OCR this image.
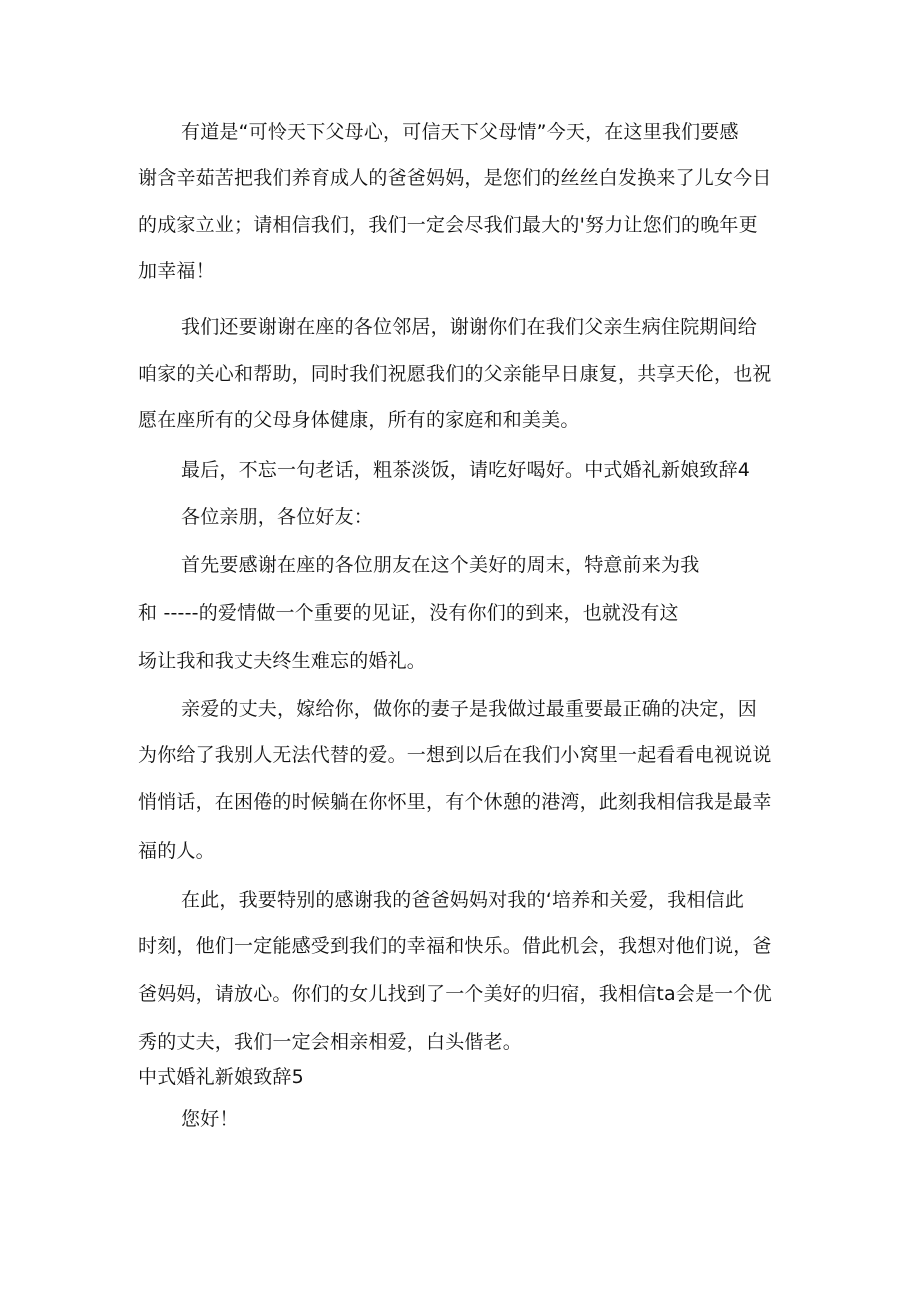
有道是“可怜天下父母心，可信天下父母情”今天，在这里我们要感
谢含辛茹苦把我们养育成人的爸爸妈妈，是您们的丝丝白发换来了儿女今日
的成家立业；请相信我们，我们一定会尽我们最大的'努力让您们的晚年更
加幸福！
我们还要谢谢在座的各位邻居，谢谢你们在我们父亲生病住院期间给
咱家的关心和帮助，同时我们祝愿我们的父亲能早日康复，共享天伦，也祝
愿在座所有的父母身体健康，所有的家庭和和美美。
最后，不忘一句老话，粗茶淡饭，请吃好喝好。中式婚礼新娘致辞4
各位亲朋，各位好友：
首先要感谢在座的各位朋友在这个美好的周末，特意前来为我
和 -----的爱情做一个重要的见证，没有你们的到来，也就没有这
场让我和我丈夫终生难忘的婚礼。
亲爱的丈夫，嫁给你，做你的妻子是我做过最重要最正确的决定，因
为你给了我别人无法代替的爱。一想到以后在我们小窝里一起看看电视说说
悄悄话，在困倦的时候躺在你怀里，有个休憩的港湾，此刻我相信我是最幸
福的人。
在此，我要特别的感谢我的爸爸妈妈对我的‘培养和关爱，我相信此
时刻，他们一定能感受到我们的幸福和快乐。借此机会，我想对他们说，爸
爸妈妈，请放心。你们的女儿找到了一个美好的归宿，我相信ta会是一个优
秀的丈夫，我们一定会相亲相爱，白头偕老。
中式婚礼新娘致辞5
您好！
